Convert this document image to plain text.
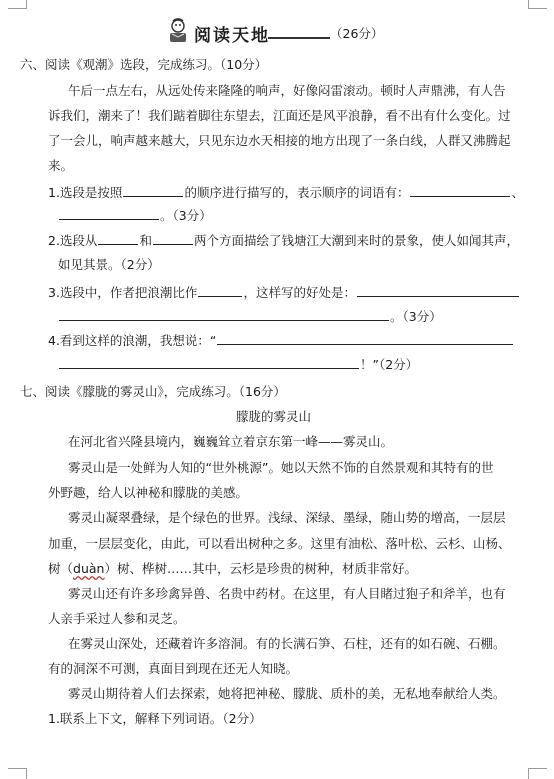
阅读天地	（26分）
六、阅读《观潮》选段，完成练习。（10分）
午后一点左右，从远处传来隆隆的响声，好像闷雷滚动。顿时人声鼎沸，有人告
诉我们，潮来了！我们踮着脚往东望去，江面还是风平浪静，看不出有什么变化。过
了一会儿，响声越来越大，只见东边水天相接的地方出现了一条白线，人群又沸腾起
来。
1.选段是按照	的顺序进行描写的，表示顺序的词语有：	、
。（3分）
2.选段从	和	两个方面描绘了钱塘江大潮到来时的景象，使人如闻其声，
如见其景。（2分）
3.选段中，作者把浪潮比作	，这样写的好处是：
。（3分）
4.看到这样的浪潮，我想说：“
！”（2分）
七、阅读《朦胧的雾灵山》，完成练习。（16分）
朦胧的雾灵山
在河北省兴隆县境内，巍巍耸立着京东第一峰——雾灵山。
雾灵山是一处鲜为人知的“世外桃源”。她以天然不饰的自然景观和其特有的世
外野趣，给人以神秘和朦胧的美感。
雾灵山凝翠叠绿，是个绿色的世界。浅绿、深绿、墨绿，随山势的增高，一层层
加重，一层层变化，由此，可以看出树种之多。这里有油松、落叶松、云杉、山杨、
树（duàn）树、桦树……其中，云杉是珍贵的树种，材质非常好。
雾灵山还有许多珍禽异兽、名贵中药材。在这里，有人目睹过狍子和斧羊，也有
人亲手采过人参和灵芝。
在雾灵山深处，还藏着许多溶洞。有的长满石笋、石柱，还有的如石碗、石棚。
有的洞深不可测，真面目到现在还无人知晓。
雾灵山期待着人们去探索，她将把神秘、朦胧、质朴的美，无私地奉献给人类。
1.联系上下文，解释下列词语。（2分）
